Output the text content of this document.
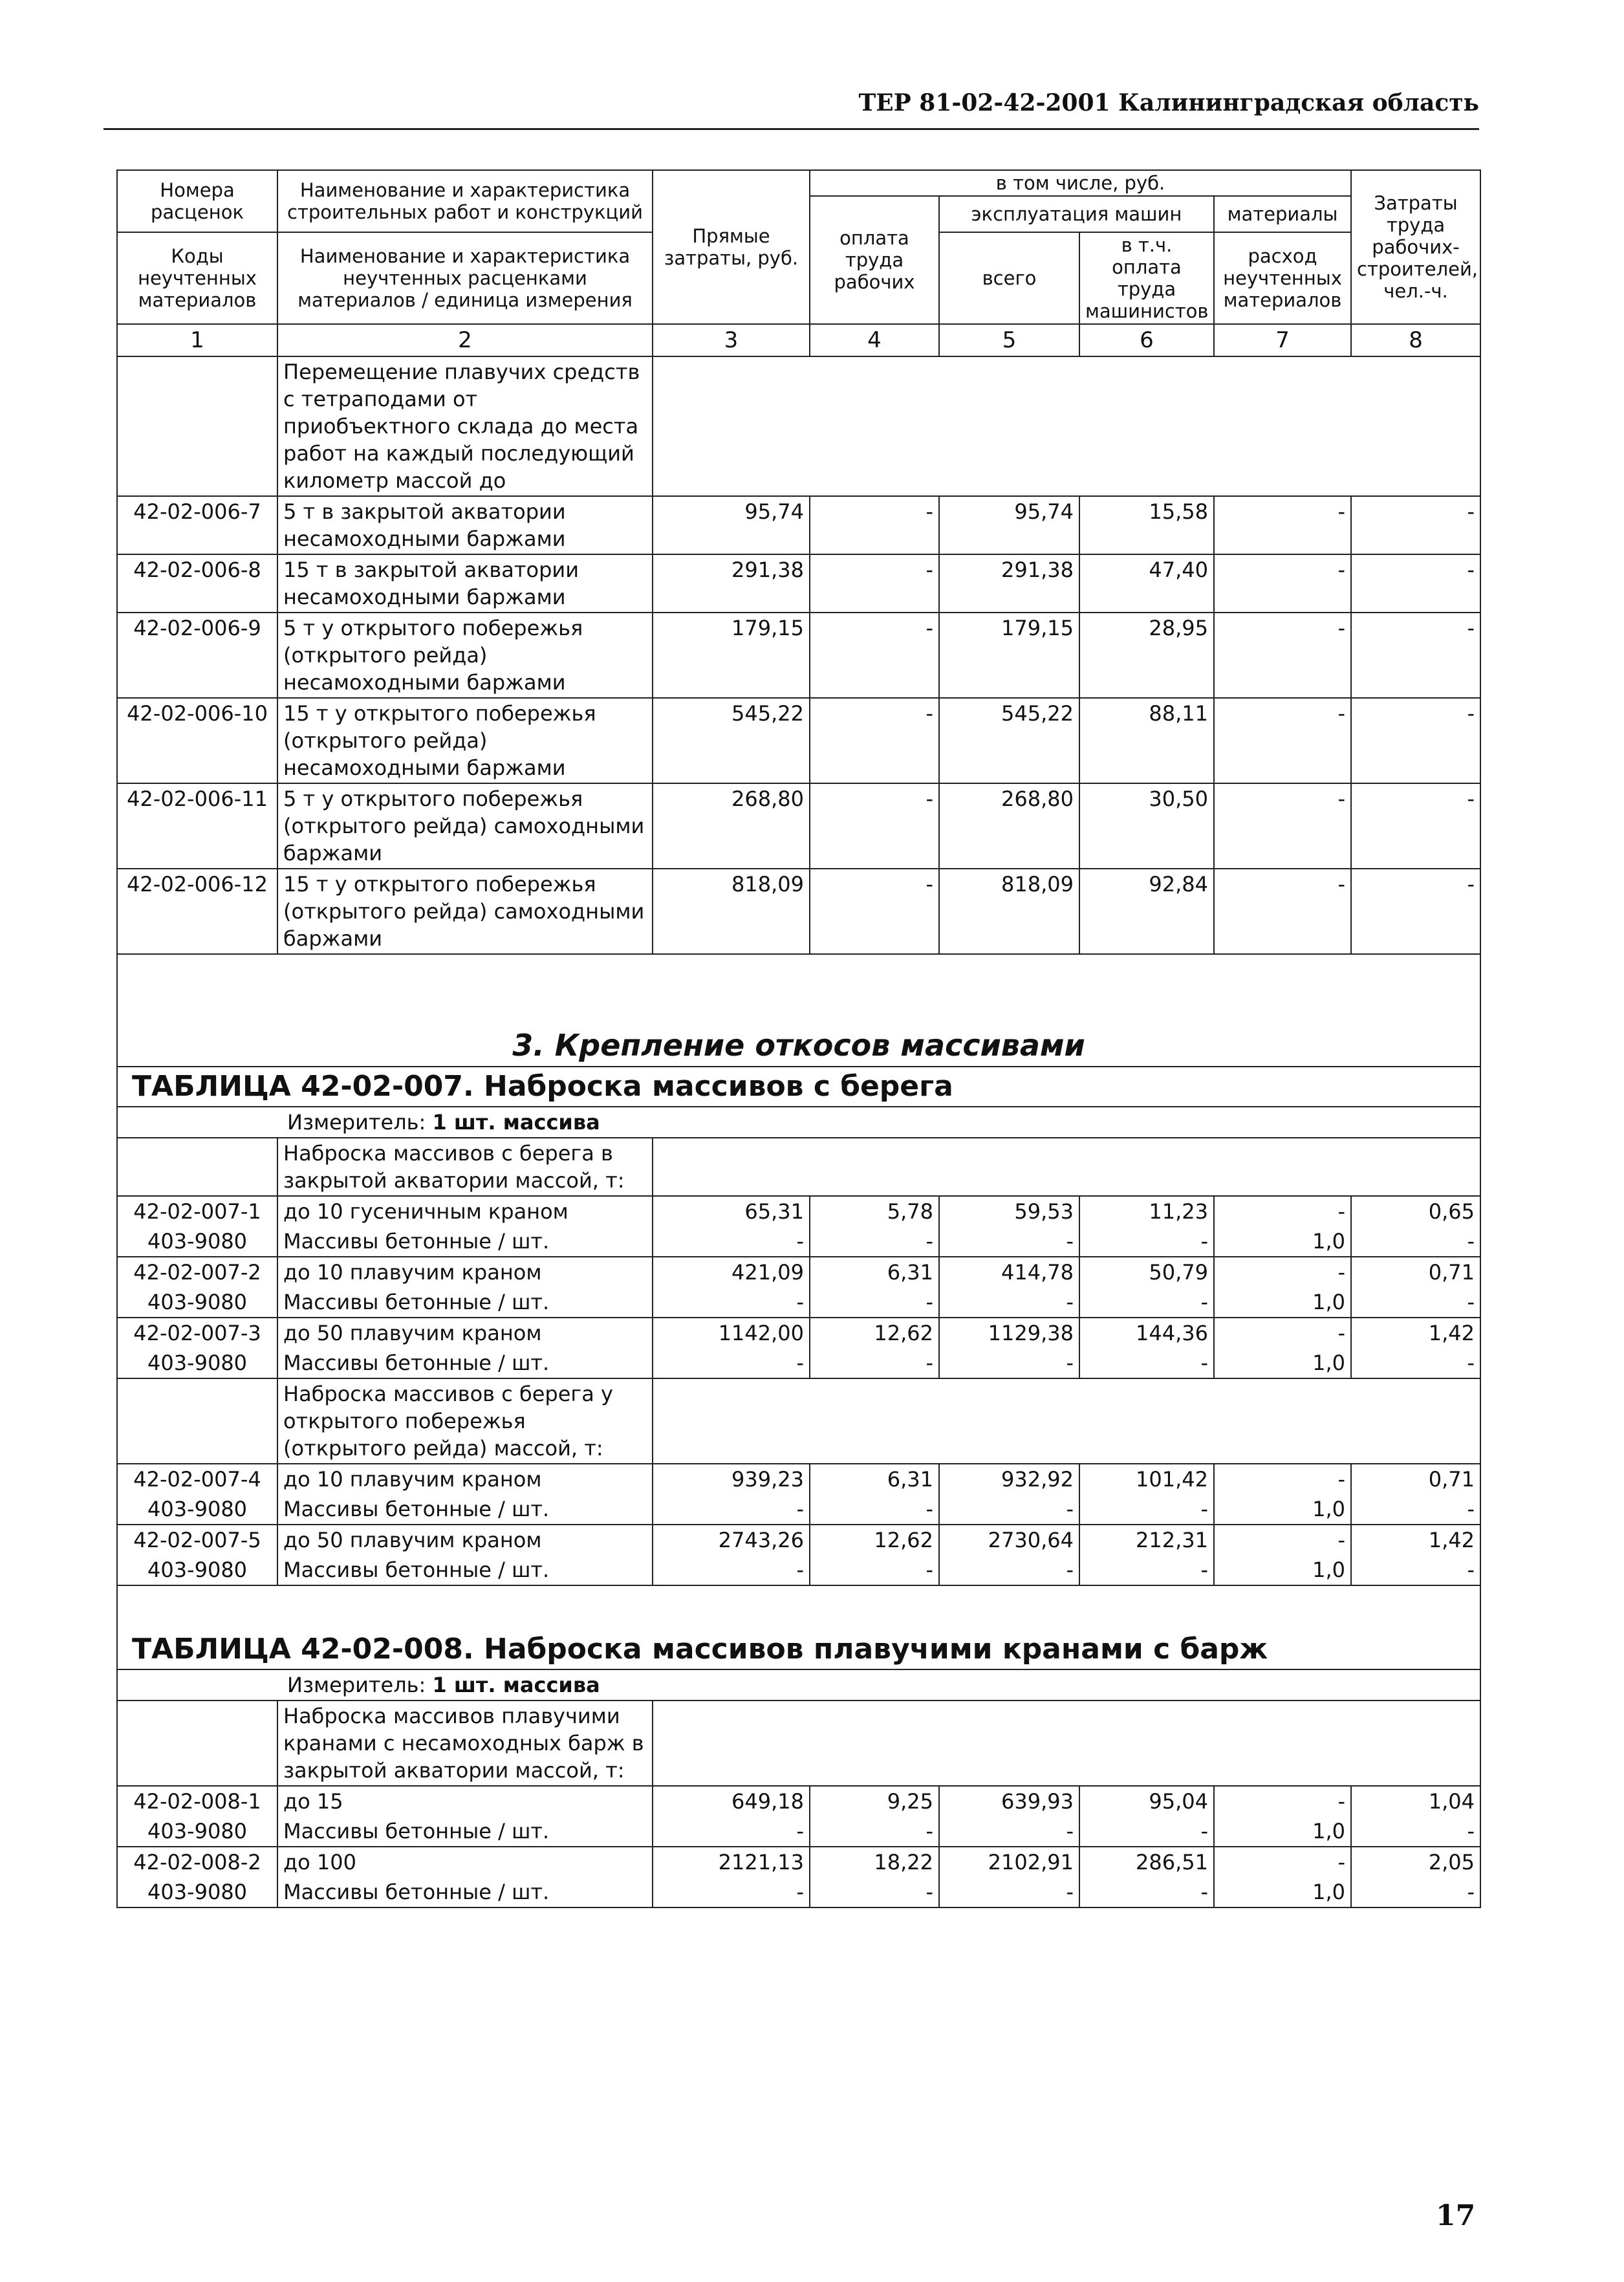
ТЕР 81-02-42-2001 Калининградская область
Номера расценок	Наименование и характеристика строительных работ и конструкций	Прямые затраты, руб.	в том числе, руб.				Затраты труда рабочих-строителей, чел.-ч.
			оплата труда рабочих	эксплуатация машин		материалы	
Коды неучтенных материалов	Наименование и характеристика неучтенных расценками материалов / единица измерения			всего	в т.ч. оплата труда машинистов	расход неучтенных материалов	

1	2	3	4	5	6	7	8
	Перемещение плавучих средств с тетраподами от приобъектного склада до места работ на каждый последующий километр массой до						
42-02-006-7	5 т в закрытой акватории несамоходными баржами	95,74	-	95,74	15,58	-	-
42-02-006-8	15 т в закрытой акватории несамоходными баржами	291,38	-	291,38	47,40	-	-
42-02-006-9	5 т у открытого побережья (открытого рейда) несамоходными баржами	179,15	-	179,15	28,95	-	-
42-02-006-10	15 т у открытого побережья (открытого рейда) несамоходными баржами	545,22	-	545,22	88,11	-	-
42-02-006-11	5 т у открытого побережья (открытого рейда) самоходными баржами	268,80	-	268,80	30,50	-	-
42-02-006-12	15 т у открытого побережья (открытого рейда) самоходными баржами	818,09	-	818,09	92,84	-	-
3. Крепление откосов массивами							
ТАБЛИЦА 42-02-007. Наброска массивов с берега							
Измеритель: 1 шт. массива							
	Наброска массивов с берега в закрытой акватории массой, т:						
42-02-007-1	до 10 гусеничным краном	65,31	5,78	59,53	11,23	-	0,65
403-9080	Массивы бетонные / шт.	-	-	-	-	1,0	-
42-02-007-2	до 10 плавучим краном	421,09	6,31	414,78	50,79	-	0,71
403-9080	Массивы бетонные / шт.	-	-	-	-	1,0	-
42-02-007-3	до 50 плавучим краном	1142,00	12,62	1129,38	144,36	-	1,42
403-9080	Массивы бетонные / шт.	-	-	-	-	1,0	-
	Наброска массивов с берега у открытого побережья (открытого рейда) массой, т:						
42-02-007-4	до 10 плавучим краном	939,23	6,31	932,92	101,42	-	0,71
403-9080	Массивы бетонные / шт.	-	-	-	-	1,0	-
42-02-007-5	до 50 плавучим краном	2743,26	12,62	2730,64	212,31	-	1,42
403-9080	Массивы бетонные / шт.	-	-	-	-	1,0	-
ТАБЛИЦА 42-02-008. Наброска массивов плавучими кранами с барж							
Измеритель: 1 шт. массива							
	Наброска массивов плавучими кранами с несамоходных барж в закрытой акватории массой, т:						
42-02-008-1	до 15	649,18	9,25	639,93	95,04	-	1,04
403-9080	Массивы бетонные / шт.	-	-	-	-	1,0	-
42-02-008-2	до 100	2121,13	18,22	2102,91	286,51	-	2,05
403-9080	Массивы бетонные / шт.	-	-	-	-	1,0	-
17
